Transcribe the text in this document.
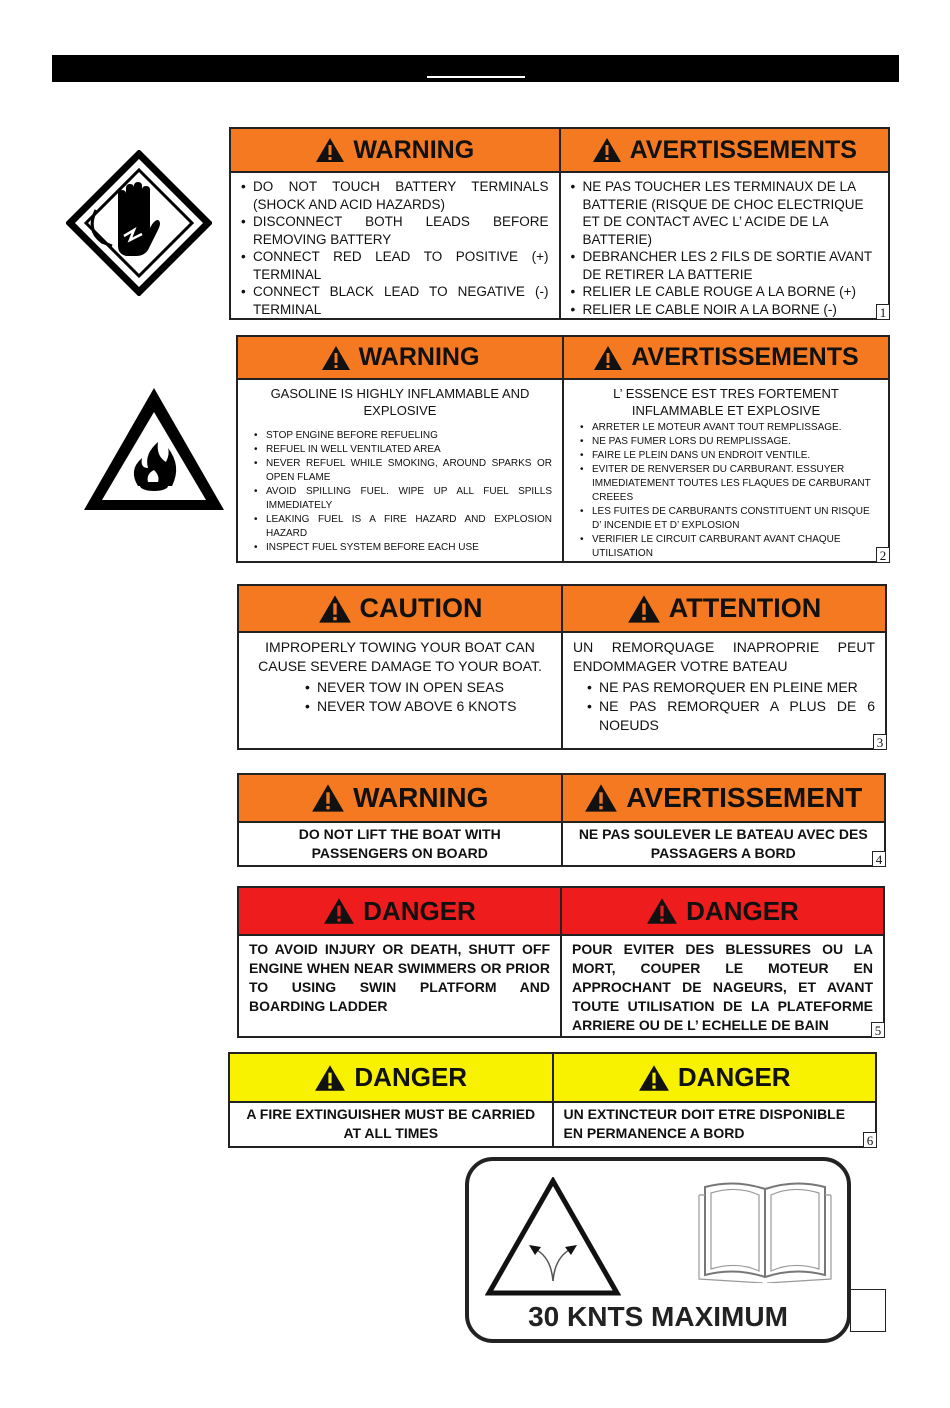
WARNING	AVERTISSEMENTS
• DO NOT TOUCH BATTERY TERMINALS (SHOCK AND ACID HAZARDS)
• DISCONNECT BOTH LEADS BEFORE REMOVING BATTERY
• CONNECT RED LEAD TO POSITIVE (+) TERMINAL
• CONNECT BLACK LEAD TO NEGATIVE (-) TERMINAL
• NE PAS TOUCHER LES TERMINAUX DE LA BATTERIE (RISQUE DE CHOC ELECTRIQUE ET DE CONTACT AVEC L’ ACIDE DE LA BATTERIE)
• DEBRANCHER LES 2 FILS DE SORTIE AVANT DE RETIRER LA BATTERIE
• RELIER LE CABLE ROUGE A LA BORNE (+)
• RELIER LE CABLE NOIR A LA BORNE (-)	1
WARNING	AVERTISSEMENTS
GASOLINE IS HIGHLY INFLAMMABLE AND EXPLOSIVE
• STOP ENGINE BEFORE REFUELING
• REFUEL IN WELL VENTILATED AREA
• NEVER REFUEL WHILE SMOKING, AROUND SPARKS OR OPEN FLAME
• AVOID SPILLING FUEL. WIPE UP ALL FUEL SPILLS IMMEDIATELY
• LEAKING FUEL IS A FIRE HAZARD AND EXPLOSION HAZARD
• INSPECT FUEL SYSTEM BEFORE EACH USE
L’ ESSENCE EST TRES FORTEMENT INFLAMMABLE ET EXPLOSIVE
• ARRETER LE MOTEUR AVANT TOUT REMPLISSAGE.
• NE PAS FUMER LORS DU REMPLISSAGE.
• FAIRE LE PLEIN DANS UN ENDROIT VENTILE.
• EVITER DE RENVERSER DU CARBURANT. ESSUYER IMMEDIATEMENT TOUTES LES FLAQUES DE CARBURANT CREEES
• LES FUITES DE CARBURANTS CONSTITUENT UN RISQUE D’ INCENDIE ET D’ EXPLOSION
• VERIFIER LE CIRCUIT CARBURANT AVANT CHAQUE UTILISATION	2
CAUTION	ATTENTION
IMPROPERLY TOWING YOUR BOAT CAN CAUSE SEVERE DAMAGE TO YOUR BOAT.
• NEVER TOW IN OPEN SEAS
• NEVER TOW ABOVE 6 KNOTS
UN REMORQUAGE INAPROPRIE PEUT ENDOMMAGER VOTRE BATEAU
• NE PAS REMORQUER EN PLEINE MER
• NE PAS REMORQUER A PLUS DE 6 NOEUDS
3
WARNING	AVERTISSEMENT
DO NOT LIFT THE BOAT WITH PASSENGERS ON BOARD
NE PAS SOULEVER LE BATEAU AVEC DES PASSAGERS A BORD	4
DANGER	DANGER
TO AVOID INJURY OR DEATH, SHUTT OFF ENGINE WHEN NEAR SWIMMERS OR PRIOR TO USING SWIN PLATFORM AND BOARDING LADDER
POUR EVITER DES BLESSURES OU LA MORT, COUPER LE MOTEUR EN APPROCHANT DE NAGEURS, ET AVANT TOUTE UTILISATION DE LA PLATEFORME ARRIERE OU DE L’ ECHELLE DE BAIN	5
DANGER	DANGER
A FIRE EXTINGUISHER MUST BE CARRIED AT ALL TIMES
UN EXTINCTEUR DOIT ETRE DISPONIBLE EN PERMANENCE A BORD	6
30 KNTS MAXIMUM
